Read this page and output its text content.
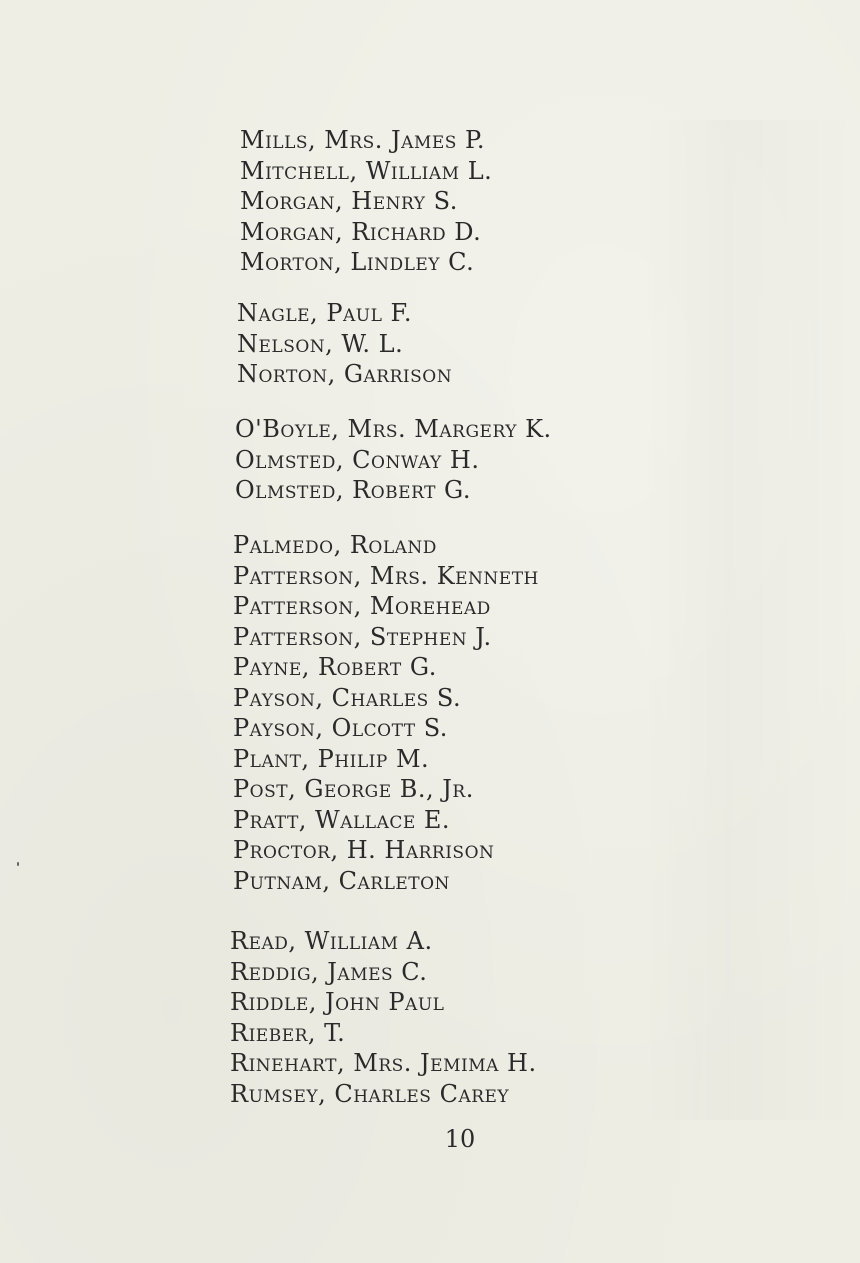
Mills, Mrs. James P.
Mitchell, William L.
Morgan, Henry S.
Morgan, Richard D.
Morton, Lindley C.
Nagle, Paul F.
Nelson, W. L.
Norton, Garrison
O'Boyle, Mrs. Margery K.
Olmsted, Conway H.
Olmsted, Robert G.
Palmedo, Roland
Patterson, Mrs. Kenneth
Patterson, Morehead
Patterson, Stephen J.
Payne, Robert G.
Payson, Charles S.
Payson, Olcott S.
Plant, Philip M.
Post, George B., Jr.
Pratt, Wallace E.
Proctor, H. Harrison
Putnam, Carleton
Read, William A.
Reddig, James C.
Riddle, John Paul
Rieber, T.
Rinehart, Mrs. Jemima H.
Rumsey, Charles Carey
10
